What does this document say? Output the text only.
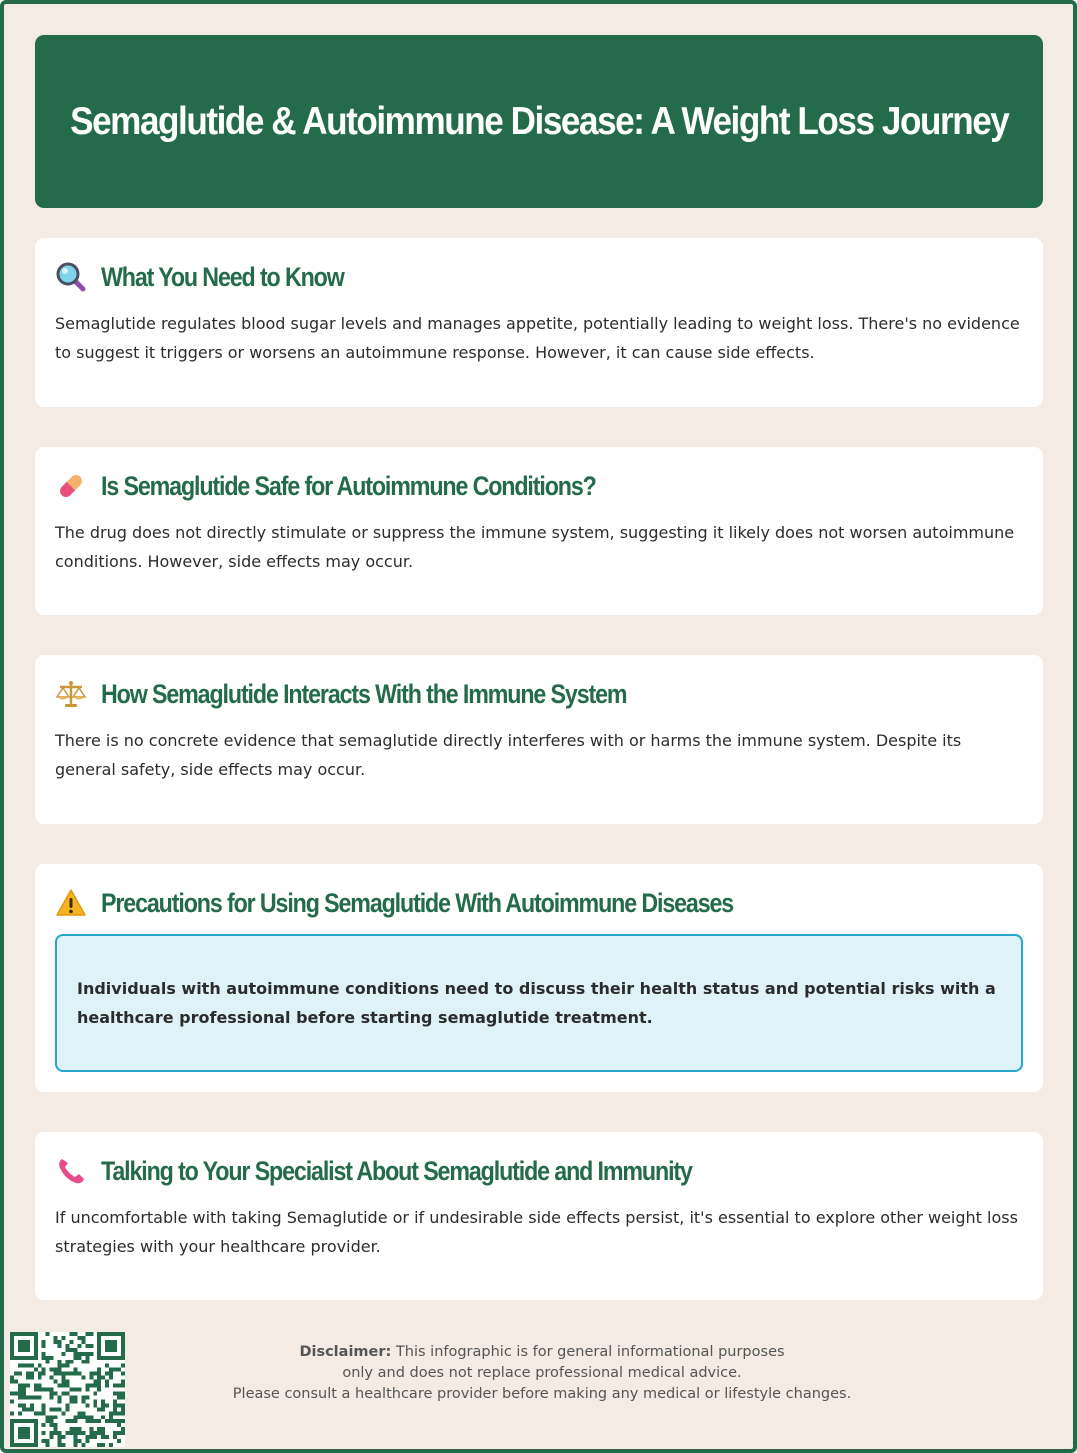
Semaglutide & Autoimmune Disease: A Weight Loss Journey
What You Need to Know

Semaglutide regulates blood sugar levels and manages appetite, potentially leading to weight loss. There's no evidence to suggest it triggers or worsens an autoimmune response. However, it can cause side effects.

Is Semaglutide Safe for Autoimmune Conditions?

The drug does not directly stimulate or suppress the immune system, suggesting it likely does not worsen autoimmune conditions. However, side effects may occur.

How Semaglutide Interacts With the Immune System

There is no concrete evidence that semaglutide directly interferes with or harms the immune system. Despite its general safety, side effects may occur.

Precautions for Using Semaglutide With Autoimmune Diseases

Individuals with autoimmune conditions need to discuss their health status and potential risks with a healthcare professional before starting semaglutide treatment.

Talking to Your Specialist About Semaglutide and Immunity

If uncomfortable with taking Semaglutide or if undesirable side effects persist, it's essential to explore other weight loss strategies with your healthcare provider.

Disclaimer: This infographic is for general informational purposes
only and does not replace professional medical advice.
Please consult a healthcare provider before making any medical or lifestyle changes.
